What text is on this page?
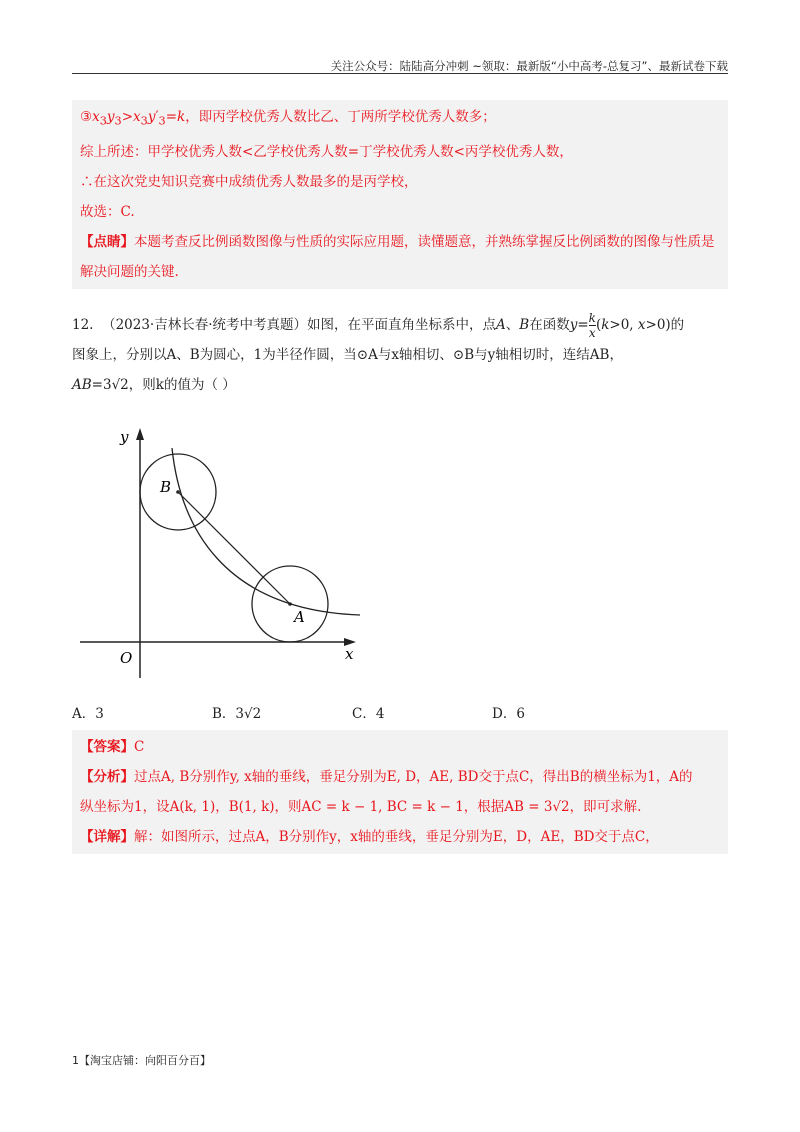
关注公众号：陆陆高分冲刺 ~领取：最新版“小中高考-总复习”、最新试卷下载

$③x_3y_3>x_3y'_3=k$，即丙学校优秀人数比乙、丁两所学校优秀人数多；

综上所述：甲学校优秀人数<乙学校优秀人数=丁学校优秀人数<丙学校优秀人数，

∴在这次党史知识竞赛中成绩优秀人数最多的是丙学校，

故选：C.

【点睛】本题考查反比例函数图像与性质的实际应用题，读懂题意，并熟练掌握反比例函数的图像与性质是解决问题的关键.

12. （2023·吉林长春·统考中考真题）如图，在平面直角坐标系中，点A、B在函数$y=\frac{k}{x} (k>0$, x>0)的

图象上，分别以A、B为圆心，1为半径作圆，当⊙A与x轴相切、⊙B与y轴相切时，连结AB，

AB=3√2，则k的值为（ ）

y
x
O
B
A
A．3	B．3√2	C．4	D．6

【答案】C

【分析】过点A, B分别作y, x轴的垂线，垂足分别为E, D，AE, BD交于点C，得出B的横坐标为1，A的

纵坐标为1，设A(k, 1)，B(1, k)，则AC = k − 1, BC = k − 1，根据AB = 3√2，即可求解.

【详解】解：如图所示，过点A，B分别作y，x轴的垂线，垂足分别为E，D，AE，BD交于点C，

1【淘宝店铺：向阳百分百】
